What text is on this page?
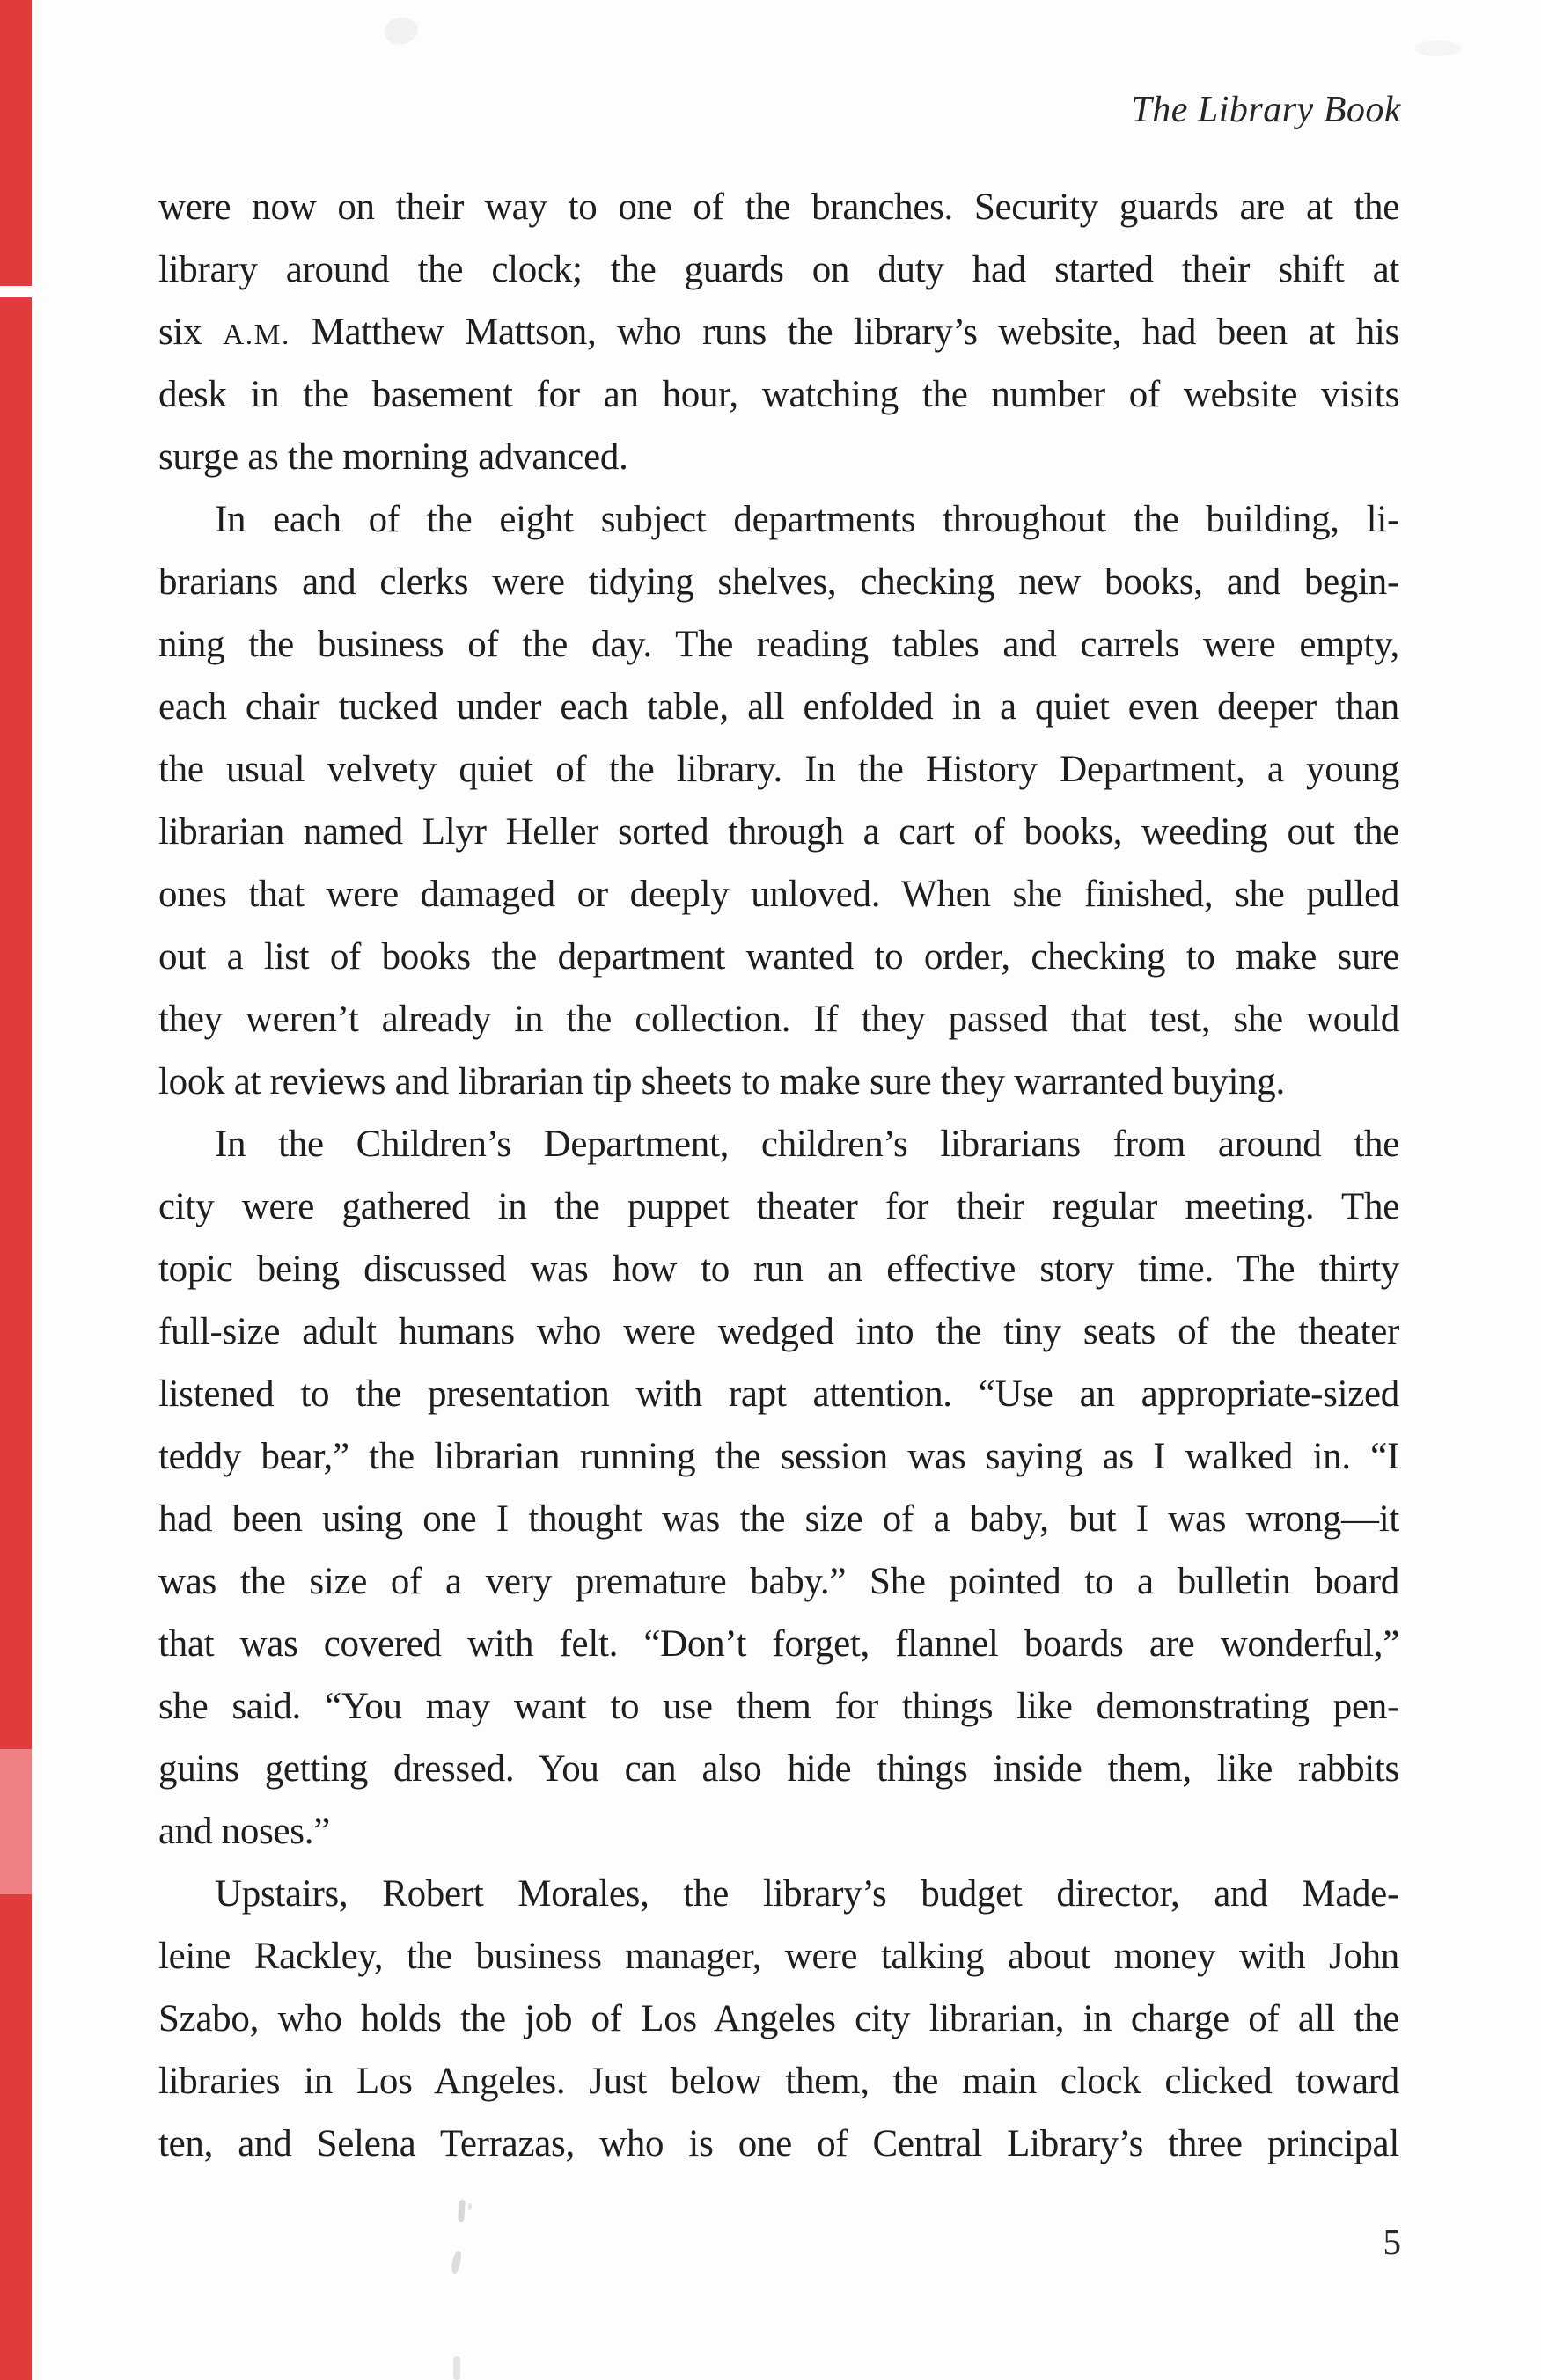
The Library Book
were now on their way to one of the branches. Security guards are at the
library around the clock; the guards on duty had started their shift at
six A.M. Matthew Mattson, who runs the library’s website, had been at his
desk in the basement for an hour, watching the number of website visits
surge as the morning advanced.
In each of the eight subject departments throughout the building, li-
brarians and clerks were tidying shelves, checking new books, and begin-
ning the business of the day. The reading tables and carrels were empty,
each chair tucked under each table, all enfolded in a quiet even deeper than
the usual velvety quiet of the library. In the History Department, a young
librarian named Llyr Heller sorted through a cart of books, weeding out the
ones that were damaged or deeply unloved. When she finished, she pulled
out a list of books the department wanted to order, checking to make sure
they weren’t already in the collection. If they passed that test, she would
look at reviews and librarian tip sheets to make sure they warranted buying.
In the Children’s Department, children’s librarians from around the
city were gathered in the puppet theater for their regular meeting. The
topic being discussed was how to run an effective story time. The thirty
full-size adult humans who were wedged into the tiny seats of the theater
listened to the presentation with rapt attention. “Use an appropriate-sized
teddy bear,” the librarian running the session was saying as I walked in. “I
had been using one I thought was the size of a baby, but I was wrong—it
was the size of a very premature baby.” She pointed to a bulletin board
that was covered with felt. “Don’t forget, flannel boards are wonderful,”
she said. “You may want to use them for things like demonstrating pen-
guins getting dressed. You can also hide things inside them, like rabbits
and noses.”
Upstairs, Robert Morales, the library’s budget director, and Made-
leine Rackley, the business manager, were talking about money with John
Szabo, who holds the job of Los Angeles city librarian, in charge of all the
libraries in Los Angeles. Just below them, the main clock clicked toward
ten, and Selena Terrazas, who is one of Central Library’s three principal
5
